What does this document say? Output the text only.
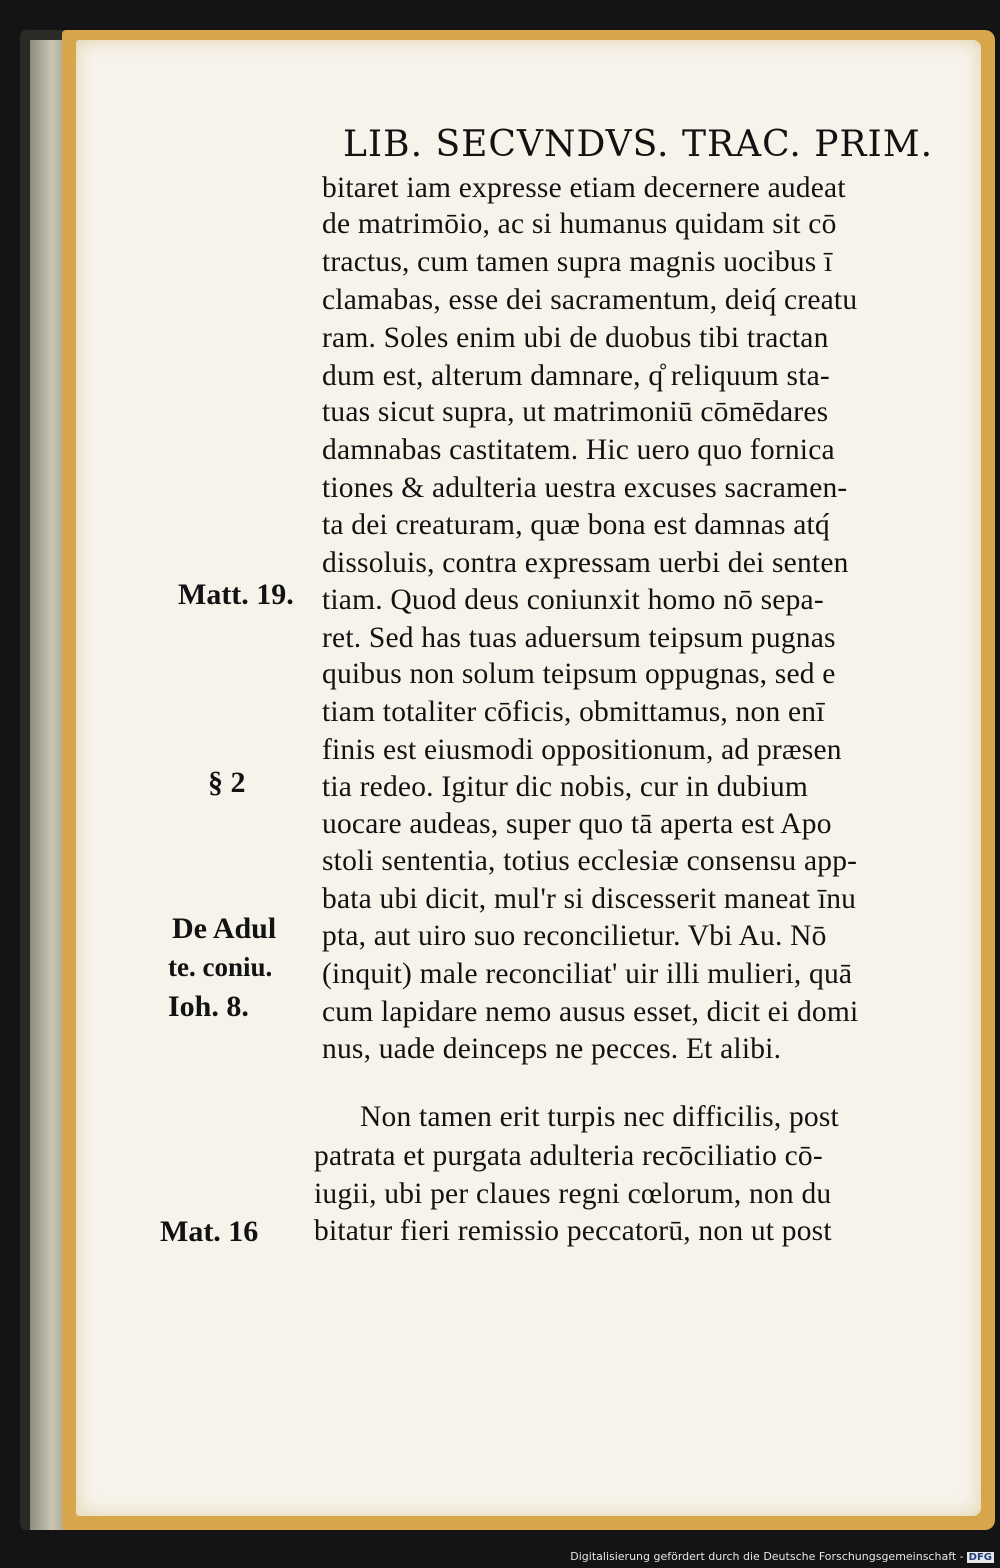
LIB. SECVNDVS. TRAC. PRIM.
bitaret iam expresse etiam decernere audeat
de matrimōio, ac si humanus quidam sit cō
tractus, cum tamen supra magnis uocibus ī
clamabas, esse dei sacramentum, deiq́ creatu
ram. Soles enim ubi de duobus tibi tractan
dum est, alterum damnare, q̊ reliquum sta-
tuas sicut supra, ut matrimoniū cōmēdares
damnabas castitatem. Hic uero quo fornica
tiones & adulteria uestra excuses sacramen-
ta dei creaturam, quæ bona est damnas atq́
dissoluis, contra expressam uerbi dei senten
tiam. Quod deus coniunxit homo nō sepa-
ret. Sed has tuas aduersum teipsum pugnas
quibus non solum teipsum oppugnas, sed e
tiam totaliter cōficis, obmittamus, non enī
finis est eiusmodi oppositionum, ad præsen
tia redeo. Igitur dic nobis, cur in dubium
uocare audeas, super quo tā aperta est Apo
stoli sententia, totius ecclesiæ consensu app-
bata ubi dicit, mul'r si discesserit maneat īnu
pta, aut uiro suo reconcilietur. Vbi Au. Nō
(inquit) male reconciliat' uir illi mulieri, quā
cum lapidare nemo ausus esset, dicit ei domi
nus, uade deinceps ne pecces. Et alibi.
Non tamen erit turpis nec difficilis, post
patrata et purgata adulteria recōciliatio cō-
iugii, ubi per claues regni cœlorum, non du
bitatur fieri remissio peccatorū, non ut post
Matt. 19.
§ 2
De Adul
te. coniu.
Ioh. 8.
Mat. 16
Digitalisierung gefördert durch die Deutsche Forschungsgemeinschaft - DFG
